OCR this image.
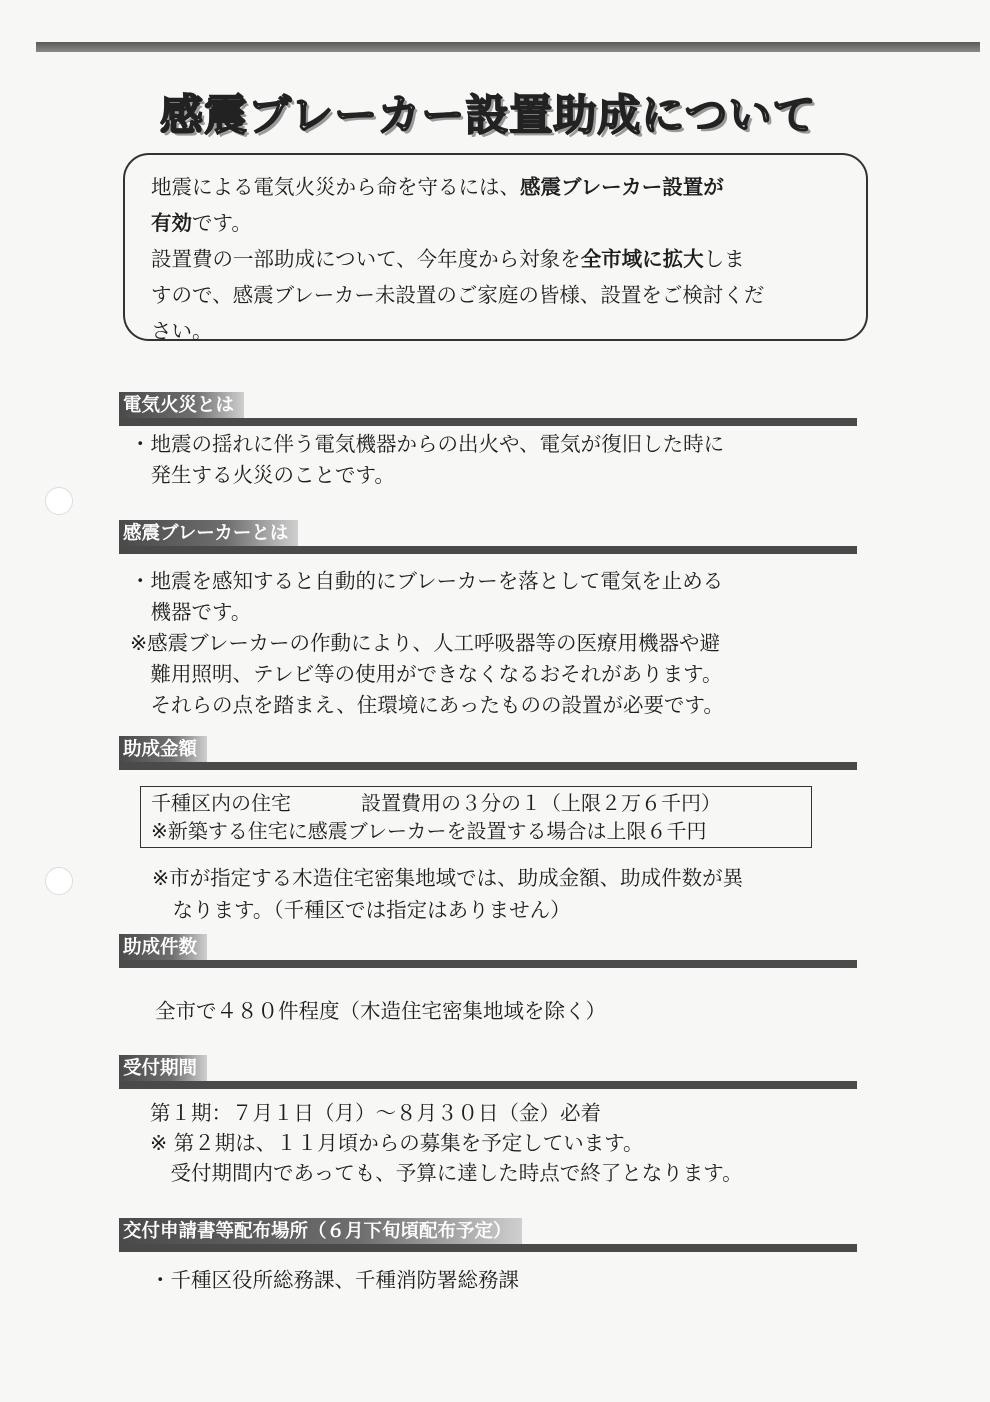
感震ブレーカー設置助成について
地震による電気火災から命を守るには、感震ブレーカー設置が
有効です。
設置費の一部助成について、今年度から対象を全市域に拡大しま
すので、感震ブレーカー未設置のご家庭の皆様、設置をご検討くだ
さい。
電気火災とは
・地震の揺れに伴う電気機器からの出火や、電気が復旧した時に
　発生する火災のことです。
感震ブレーカーとは
・地震を感知すると自動的にブレーカーを落として電気を止める
　機器です。
※感震ブレーカーの作動により、人工呼吸器等の医療用機器や避
　難用照明、テレビ等の使用ができなくなるおそれがあります。
　それらの点を踏まえ、住環境にあったものの設置が必要です。
助成金額
千種区内の住宅	設置費用の３分の１（上限２万６千円）
※新築する住宅に感震ブレーカーを設置する場合は上限６千円
※市が指定する木造住宅密集地域では、助成金額、助成件数が異
　なります。（千種区では指定はありません）
助成件数
全市で４８０件程度（木造住宅密集地域を除く）
受付期間
第１期：７月１日（月）～８月３０日（金）必着
※ 第２期は、１１月頃からの募集を予定しています。
　受付期間内であっても、予算に達した時点で終了となります。
交付申請書等配布場所（６月下旬頃配布予定）
・千種区役所総務課、千種消防署総務課
